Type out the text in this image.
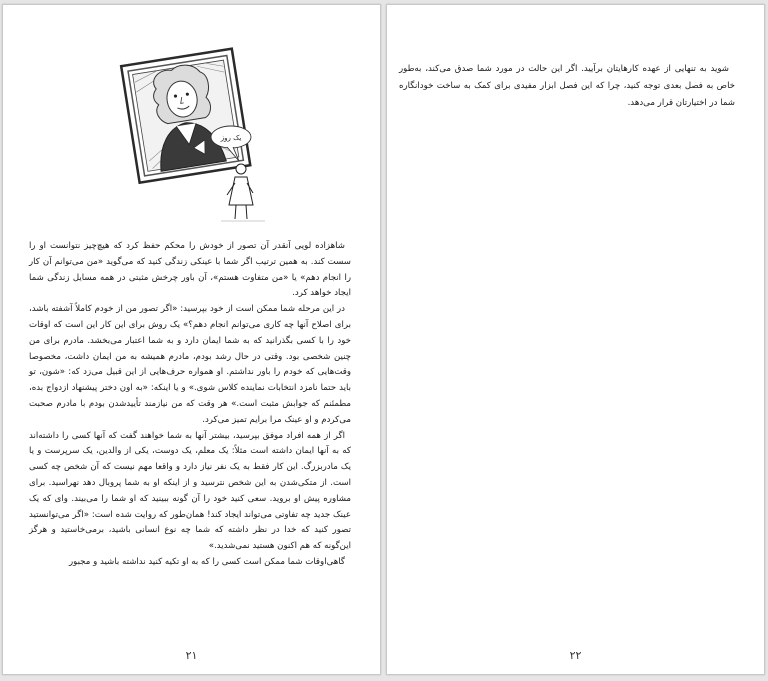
یک روز

شاهزاده لویی آنقدر آن تصور از خودش را محکم حفظ کرد که هیچ‌چیز نتوانست او را سست کند. به همین ترتیب اگر شما با عینکی زندگی کنید که می‌گوید «من می‌توانم آن کار را انجام دهم» یا «من متفاوت هستم»، آن باور چرخش مثبتی در همه مسایل زندگی شما ایجاد خواهد کرد.

در این مرحله شما ممکن است از خود بپرسید: «اگر تصور من از خودم کاملاً آشفته باشد، برای اصلاح آنها چه کاری می‌توانم انجام دهم؟» یک روش برای این کار این است که اوقات خود را با کسی بگذرانید که به شما ایمان دارد و به شما اعتبار می‌بخشد. مادرم برای من چنین شخصی بود. وقتی در حال رشد بودم، مادرم همیشه به من ایمان داشت، مخصوصا وقت‌هایی که خودم را باور نداشتم. او همواره حرف‌هایی از این قبیل می‌زد که: «شون، تو باید حتما نامزد انتخابات نماینده کلاس شوی.» و یا اینکه: «به اون دختر پیشنهاد ازدواج بده، مطمئنم که جوابش مثبت است.» هر وقت که من نیازمند تأییدشدن بودم با مادرم صحبت می‌کردم و او عینک مرا برایم تمیز می‌کرد.

اگر از همه افراد موفق بپرسید، بیشتر آنها به شما خواهند گفت که آنها کسی را داشته‌اند که به آنها ایمان داشته است مثلاً: یک معلم، یک دوست، یکی از والدین، یک سرپرست و یا یک مادربزرگ. این کار فقط به یک نفر نیاز دارد و واقعا مهم نیست که آن شخص چه کسی است. از متکی‌شدن به این شخص نترسید و از اینکه او به شما پروبال دهد نهراسید. برای مشاوره پیش او بروید. سعی کنید خود را آن گونه ببینید که او شما را می‌بیند. وای که یک عینک جدید چه تفاوتی می‌تواند ایجاد کند! همان‌طور که روایت شده است: «اگر می‌توانستید تصور کنید که خدا در نظر داشته که شما چه نوع انسانی باشید، برمی‌خاستید و هرگز این‌گونه که هم اکنون هستید نمی‌شدید.»

گاهی‌اوقات شما ممکن است کسی را که به او تکیه کنید نداشته باشید و مجبور

۲۱

شوید به تنهایی از عهده کارهایتان برآیید. اگر این حالت در مورد شما صدق می‌کند، به‌طور خاص به فصل بعدی توجه کنید، چرا که این فصل ابزار مفیدی برای کمک به ساخت خودانگاره شما در اختیارتان قرار می‌دهد.

۲۲
